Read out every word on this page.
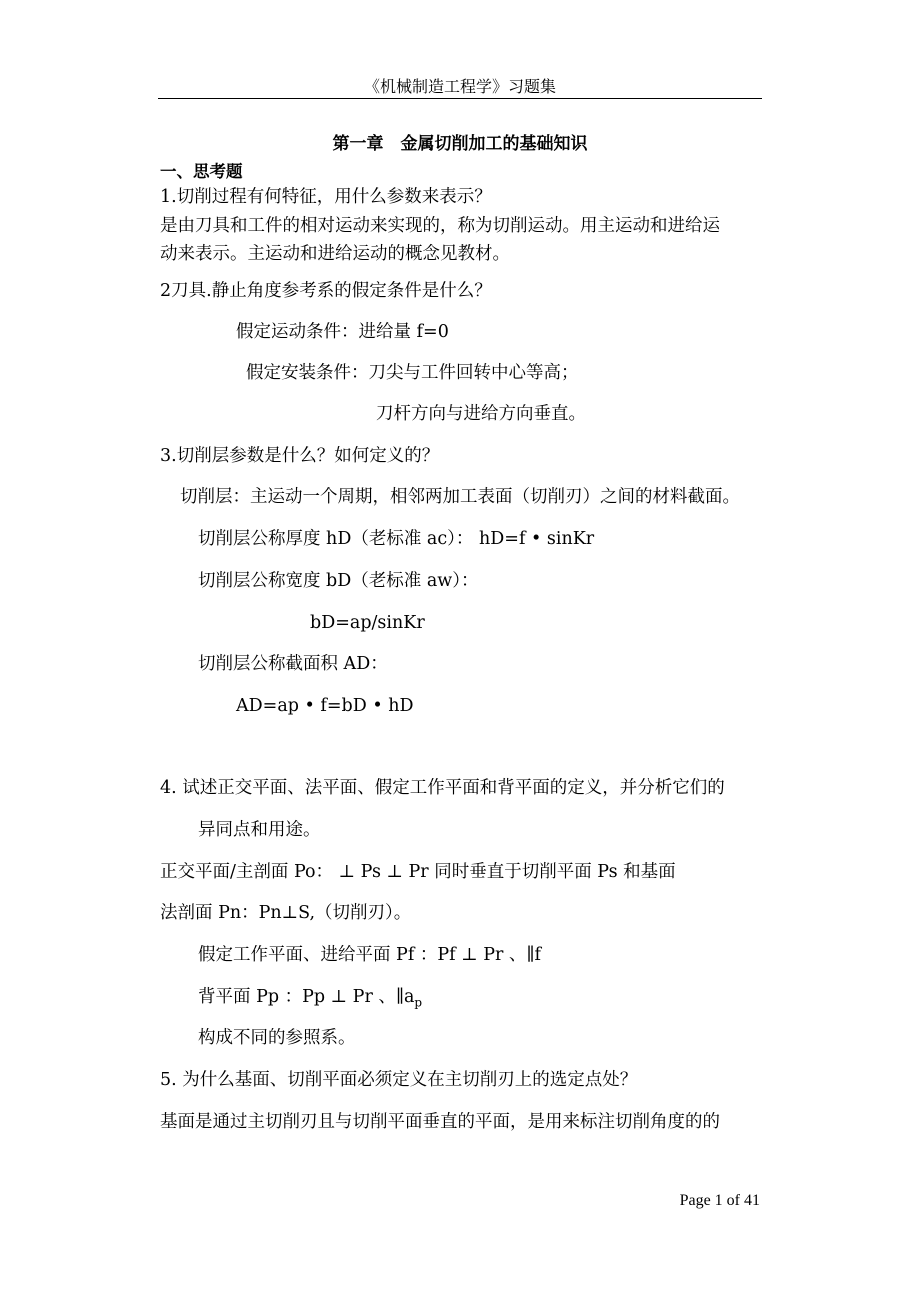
《机械制造工程学》习题集
第一章　金属切削加工的基础知识
一、思考题
1.切削过程有何特征，用什么参数来表示？
是由刀具和工件的相对运动来实现的，称为切削运动。用主运动和进给运
动来表示。主运动和进给运动的概念见教材。
2刀具.静止角度参考系的假定条件是什么？
假定运动条件：进给量 f=0
假定安装条件：刀尖与工件回转中心等高；
刀杆方向与进给方向垂直。
3.切削层参数是什么？如何定义的？
切削层：主运动一个周期，相邻两加工表面（切削刃）之间的材料截面。
切削层公称厚度 hD（老标准 ac）： hD=f • sinKr
切削层公称宽度 bD（老标准 aw）：
bD=ap/sinKr
切削层公称截面积 AD：
AD=ap • f=bD • hD
4. 试述正交平面、法平面、假定工作平面和背平面的定义，并分析它们的
异同点和用途。
正交平面/主剖面 Po： ⊥ Ps ⊥ Pr 同时垂直于切削平面 Ps 和基面
法剖面 Pn：Pn⊥S,（切削刃）。
假定工作平面、进给平面 Pf ：Pf ⊥ Pr 、∥f
背平面 Pp ：Pp ⊥ Pr 、$\parallel a_p$
构成不同的参照系。
5. 为什么基面、切削平面必须定义在主切削刃上的选定点处？
基面是通过主切削刃且与切削平面垂直的平面，是用来标注切削角度的的
Page 1 of 41
